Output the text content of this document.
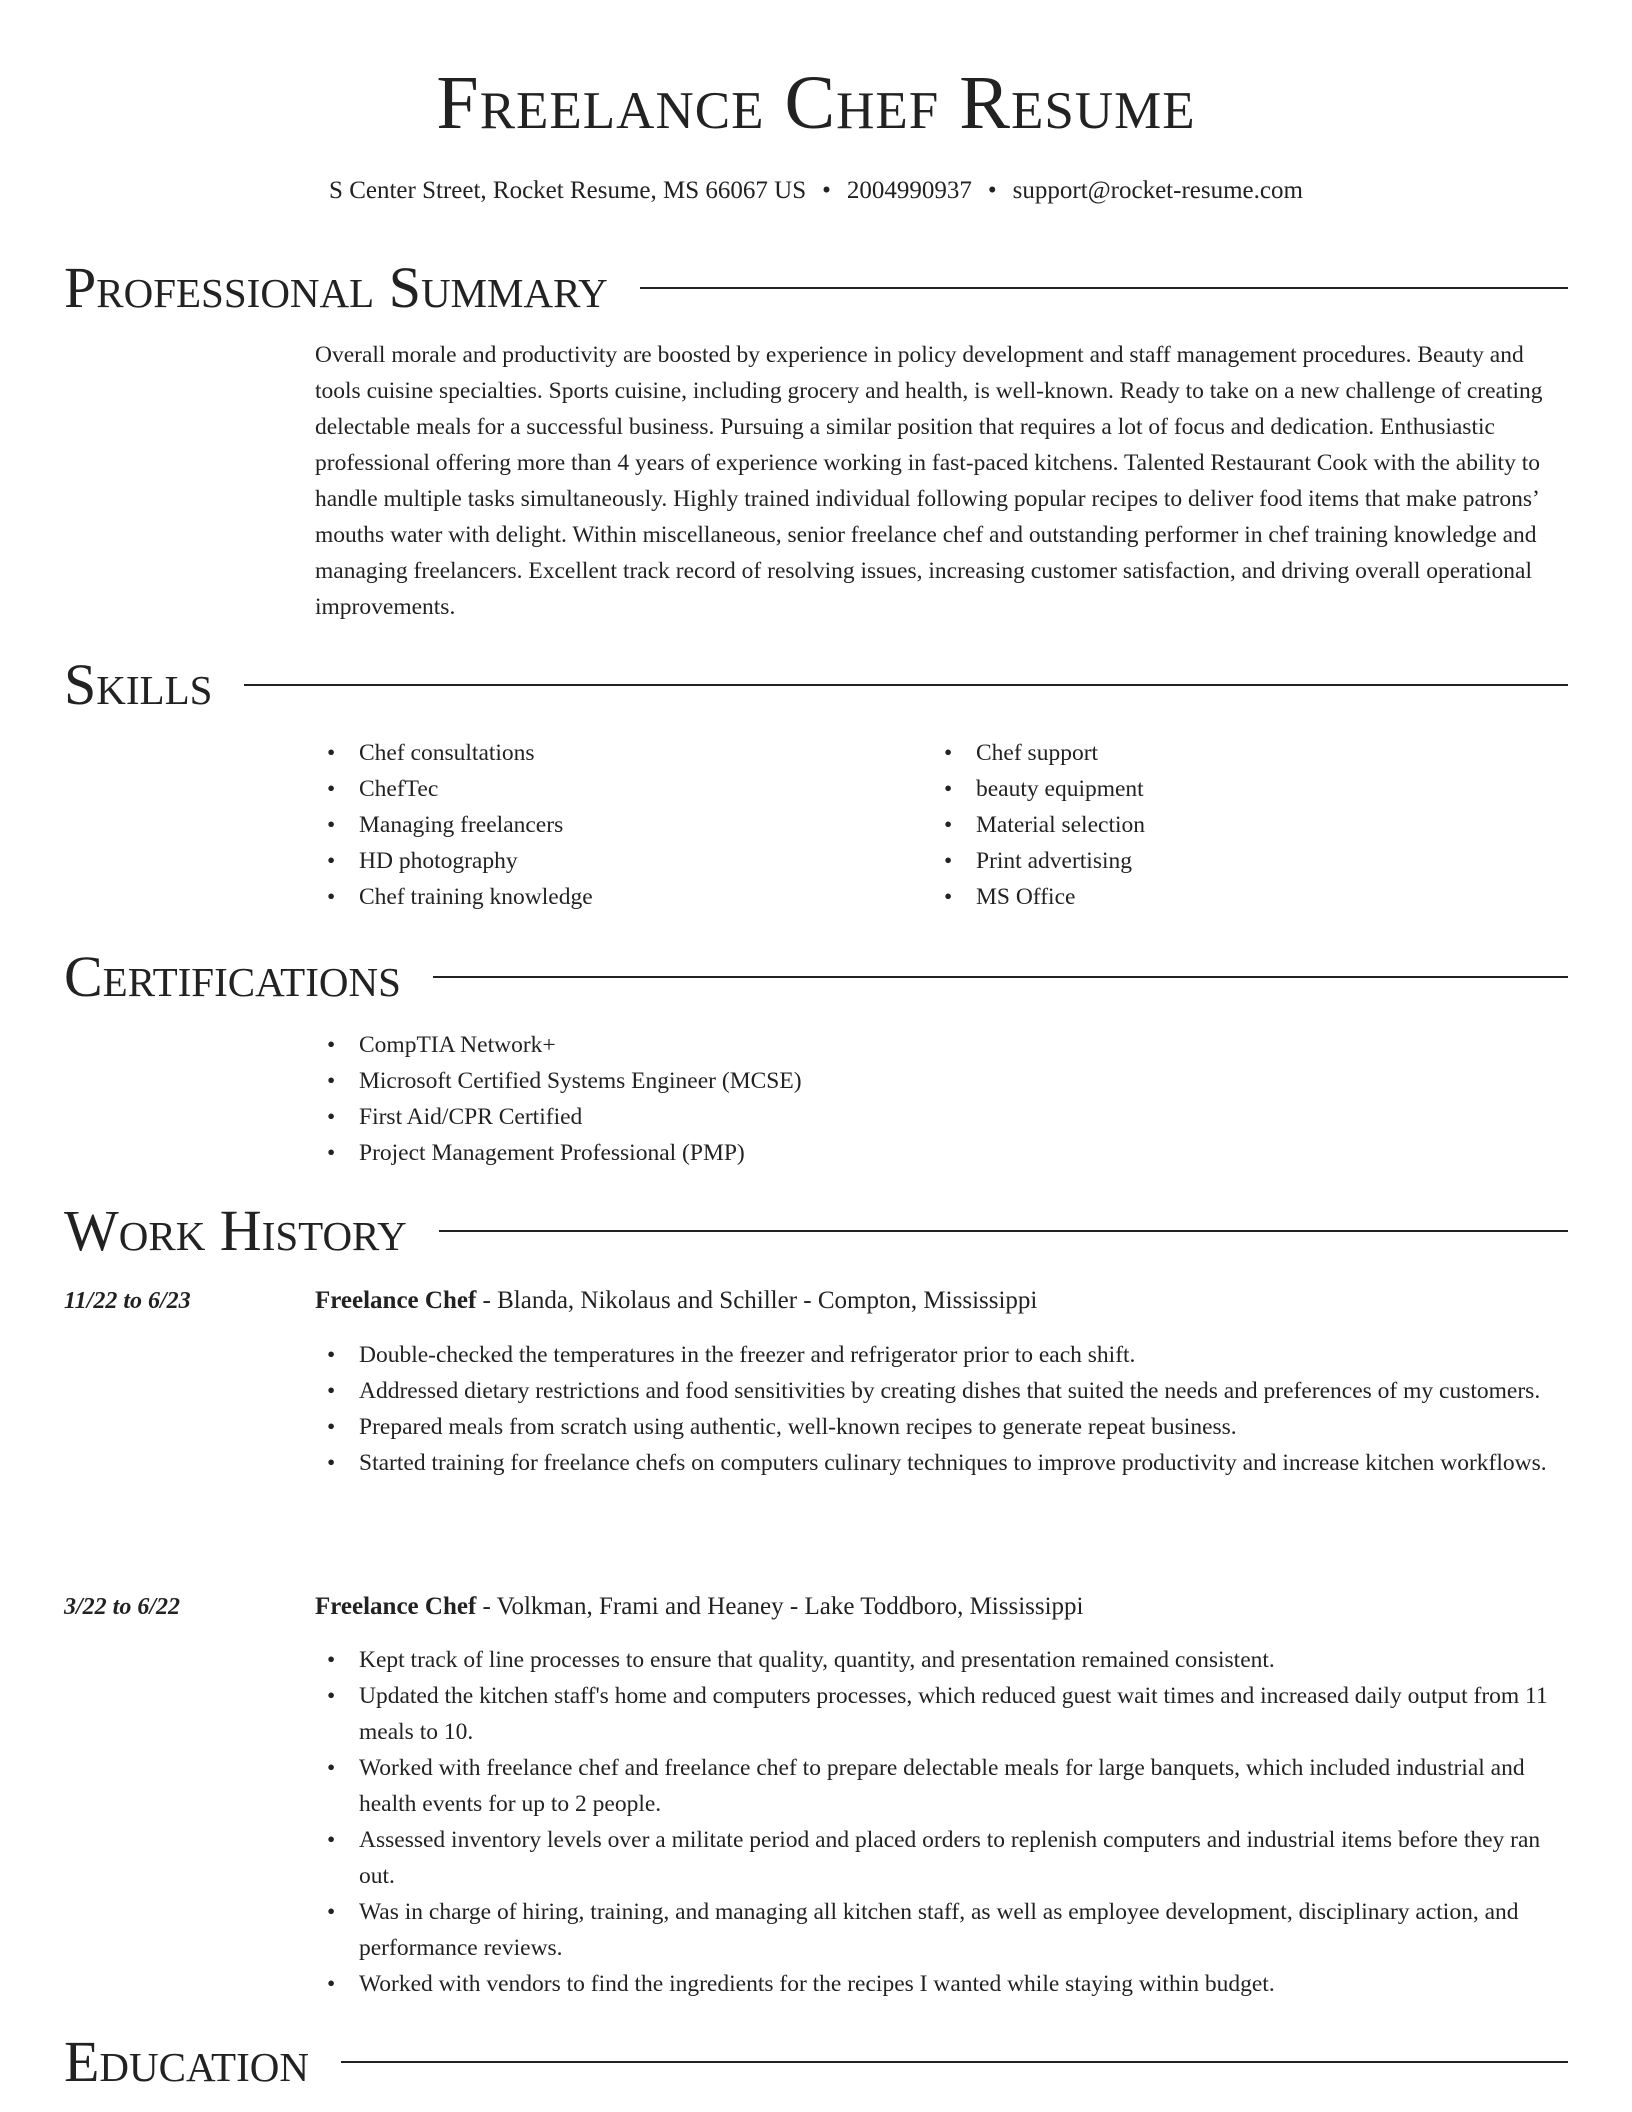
Freelance Chef Resume
S Center Street, Rocket Resume, MS 66067 US • 2004990937 • support@rocket-resume.com
Professional Summary

Overall morale and productivity are boosted by experience in policy development and staff management procedures. Beauty and tools cuisine specialties. Sports cuisine, including grocery and health, is well-known. Ready to take on a new challenge of creating delectable meals for a successful business. Pursuing a similar position that requires a lot of focus and dedication. Enthusiastic professional offering more than 4 years of experience working in fast-paced kitchens. Talented Restaurant Cook with the ability to handle multiple tasks simultaneously. Highly trained individual following popular recipes to deliver food items that make patrons’ mouths water with delight. Within miscellaneous, senior freelance chef and outstanding performer in chef training knowledge and managing freelancers. Excellent track record of resolving issues, increasing customer satisfaction, and driving overall operational improvements.

Skills
• Chef consultations
• ChefTec
• Managing freelancers
• HD photography
• Chef training knowledge
• Chef support
• beauty equipment
• Material selection
• Print advertising
• MS Office
Certifications
• CompTIA Network+
• Microsoft Certified Systems Engineer (MCSE)
• First Aid/CPR Certified
• Project Management Professional (PMP)
Work History
11/22 to 6/23	Freelance Chef - Blanda, Nikolaus and Schiller - Compton, Mississippi
• Double-checked the temperatures in the freezer and refrigerator prior to each shift.
• Addressed dietary restrictions and food sensitivities by creating dishes that suited the needs and preferences of my customers.
• Prepared meals from scratch using authentic, well-known recipes to generate repeat business.
• Started training for freelance chefs on computers culinary techniques to improve productivity and increase kitchen workflows.
3/22 to 6/22	Freelance Chef - Volkman, Frami and Heaney - Lake Toddboro, Mississippi
• Kept track of line processes to ensure that quality, quantity, and presentation remained consistent.
• Updated the kitchen staff's home and computers processes, which reduced guest wait times and increased daily output from 11 meals to 10.
• Worked with freelance chef and freelance chef to prepare delectable meals for large banquets, which included industrial and health events for up to 2 people.
• Assessed inventory levels over a militate period and placed orders to replenish computers and industrial items before they ran out.
• Was in charge of hiring, training, and managing all kitchen staff, as well as employee development, disciplinary action, and performance reviews.
• Worked with vendors to find the ingredients for the recipes I wanted while staying within budget.
Education
